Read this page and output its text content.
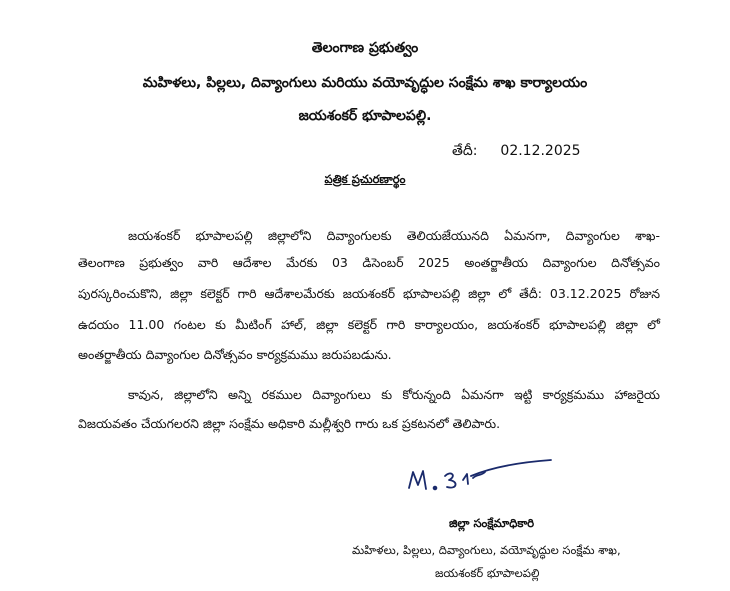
తెలంగాణ ప్రభుత్వం
మహిళలు, పిల్లలు, దివ్యాంగులు మరియు వయోవృద్ధుల సంక్షేమ శాఖ కార్యాలయం
జయశంకర్ భూపాలపల్లి.
తేదీ: 02.12.2025
పత్రిక ప్రచురణార్థం
జయశంకర్ భూపాలపల్లి జిల్లాలోని దివ్యాంగులకు తెలియజేయునది ఏమనగా, దివ్యాంగుల శాఖ-
తెలంగాణ ప్రభుత్వం వారి ఆదేశాల మేరకు 03 డిసెంబర్ 2025 అంతర్జాతీయ దివ్యాంగుల దినోత్సవం
పురస్కరించుకొని, జిల్లా కలెక్టర్ గారి ఆదేశాలమేరకు జయశంకర్ భూపాలపల్లి జిల్లా లో తేదీ: 03.12.2025 రోజున
ఉదయం 11.00 గంటల కు మీటింగ్ హాల్, జిల్లా కలెక్టర్ గారి కార్యాలయం, జయశంకర్ భూపాలపల్లి జిల్లా లో
అంతర్జాతీయ దివ్యాంగుల దినోత్సవం కార్యక్రమము జరుపబడును.
కావున, జిల్లాలోని అన్ని రకముల దివ్యాంగులు కు కోరున్నంది ఏమనగా ఇట్టి కార్యక్రమము హాజరైయ
విజయవతం చేయగలరని జిల్లా సంక్షేమ అధికారి మల్లీశ్వరి గారు ఒక ప్రకటనలో తెలిపారు.
జిల్లా సంక్షేమాధికారి
మహిళలు, పిల్లలు, దివ్యాంగులు, వయోవృద్ధుల సంక్షేమ శాఖ,
జయశంకర్ భూపాలపల్లి
